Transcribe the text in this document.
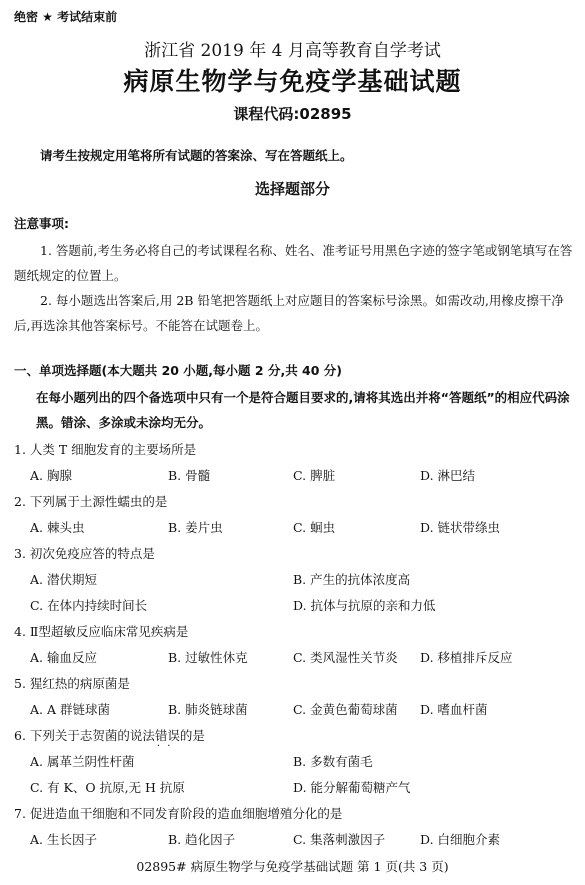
绝密 ★ 考试结束前
浙江省 2019 年 4 月高等教育自学考试
病原生物学与免疫学基础试题
课程代码:02895
请考生按规定用笔将所有试题的答案涂、写在答题纸上。
选择题部分
注意事项:
1. 答题前,考生务必将自己的考试课程名称、姓名、准考证号用黑色字迹的签字笔或钢笔填写在答题纸规定的位置上。
2. 每小题选出答案后,用 2B 铅笔把答题纸上对应题目的答案标号涂黑。如需改动,用橡皮擦干净后,再选涂其他答案标号。不能答在试题卷上。
一、单项选择题(本大题共 20 小题,每小题 2 分,共 40 分)
在每小题列出的四个备选项中只有一个是符合题目要求的,请将其选出并将“答题纸”的相应代码涂黑。错涂、多涂或未涂均无分。
1. 人类 T 细胞发育的主要场所是
A. 胸腺	B. 骨髓	C. 脾脏	D. 淋巴结
2. 下列属于土源性蠕虫的是
A. 棘头虫	B. 姜片虫	C. 蛔虫	D. 链状带绦虫
3. 初次免疫应答的特点是
A. 潜伏期短	B. 产生的抗体浓度高
C. 在体内持续时间长	D. 抗体与抗原的亲和力低
4. Ⅱ型超敏反应临床常见疾病是
A. 输血反应	B. 过敏性休克	C. 类风湿性关节炎 D. 移植排斥反应
5. 猩红热的病原菌是
A. A 群链球菌	B. 肺炎链球菌	C. 金黄色葡萄球菌 D. 嗜血杆菌
6. 下列关于志贺菌的说法错误 · ·的是
A. 属革兰阴性杆菌	B. 多数有菌毛
C. 有 K、O 抗原,无 H 抗原	D. 能分解葡萄糖产气
7. 促进造血干细胞和不同发育阶段的造血细胞增殖分化的是
A. 生长因子	B. 趋化因子	C. 集落刺激因子	D. 白细胞介素
02895# 病原生物学与免疫学基础试题 第 1 页(共 3 页)
